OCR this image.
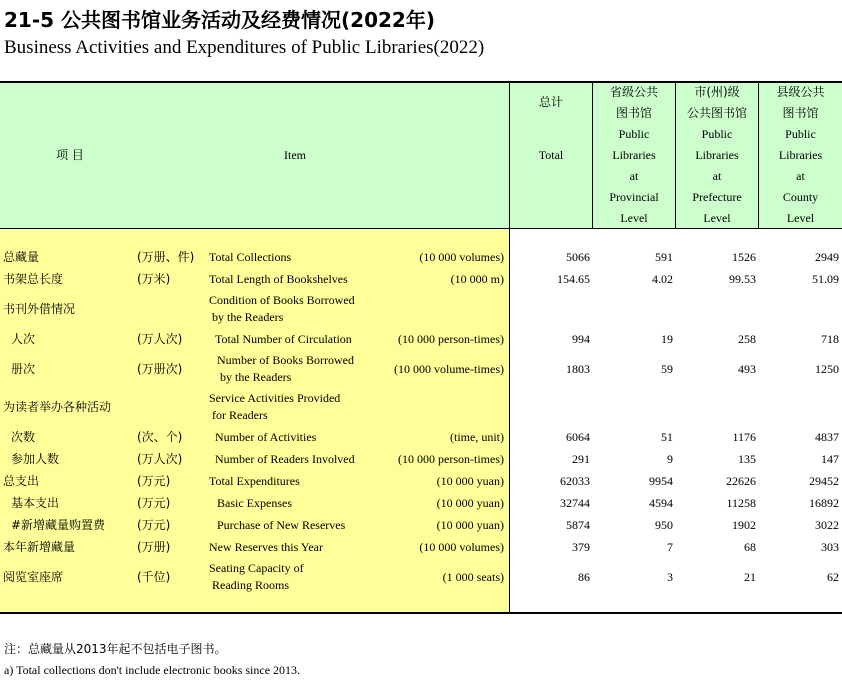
21-5 公共图书馆业务活动及经费情况(2022年)
Business Activities and Expenditures of Public Libraries(2022)
项 目	Item
总计
Total
省级公共
图书馆
Public
Libraries
at
Provincial
Level
市(州)级
公共图书馆
Public
Libraries
at
Prefecture
Level
县级公共
图书馆
Public
Libraries
at
County
Level
总藏量	(万册、件) Total Collections	(10 000 volumes)	5066	591	1526	2949
书架总长度	(万米)	Total Length of Bookshelves	(10 000 m)	154.65	4.02	99.53	51.09
书刊外借情况
Condition of Books Borrowed
by the Readers
人次	(万人次)	Total Number of Circulation	(10 000 person-times)	994	19	258	718
册次	(万册次)
Number of Books Borrowed
by the Readers
(10 000 volume-times)	1803	59	493	1250
为读者举办各种活动
Service Activities Provided
for Readers
次数	(次、个)	Number of Activities	(time, unit)	6064	51	1176	4837
参加人数	(万人次)	Number of Readers Involved	(10 000 person-times)	291	9	135	147
总支出	(万元)	Total Expenditures	(10 000 yuan)	62033	9954	22626	29452
基本支出	(万元)	Basic Expenses	(10 000 yuan)	32744	4594	11258	16892
#新增藏量购置费	(万元)	Purchase of New Reserves	(10 000 yuan)	5874	950	1902	3022
本年新增藏量	(万册)	New Reserves this Year	(10 000 volumes)	379	7	68	303
阅览室座席	(千位)
Seating Capacity of
Reading Rooms
(1 000 seats)	86	3	21	62
注：总藏量从2013年起不包括电子图书。
a) Total collections don't include electronic books since 2013.
